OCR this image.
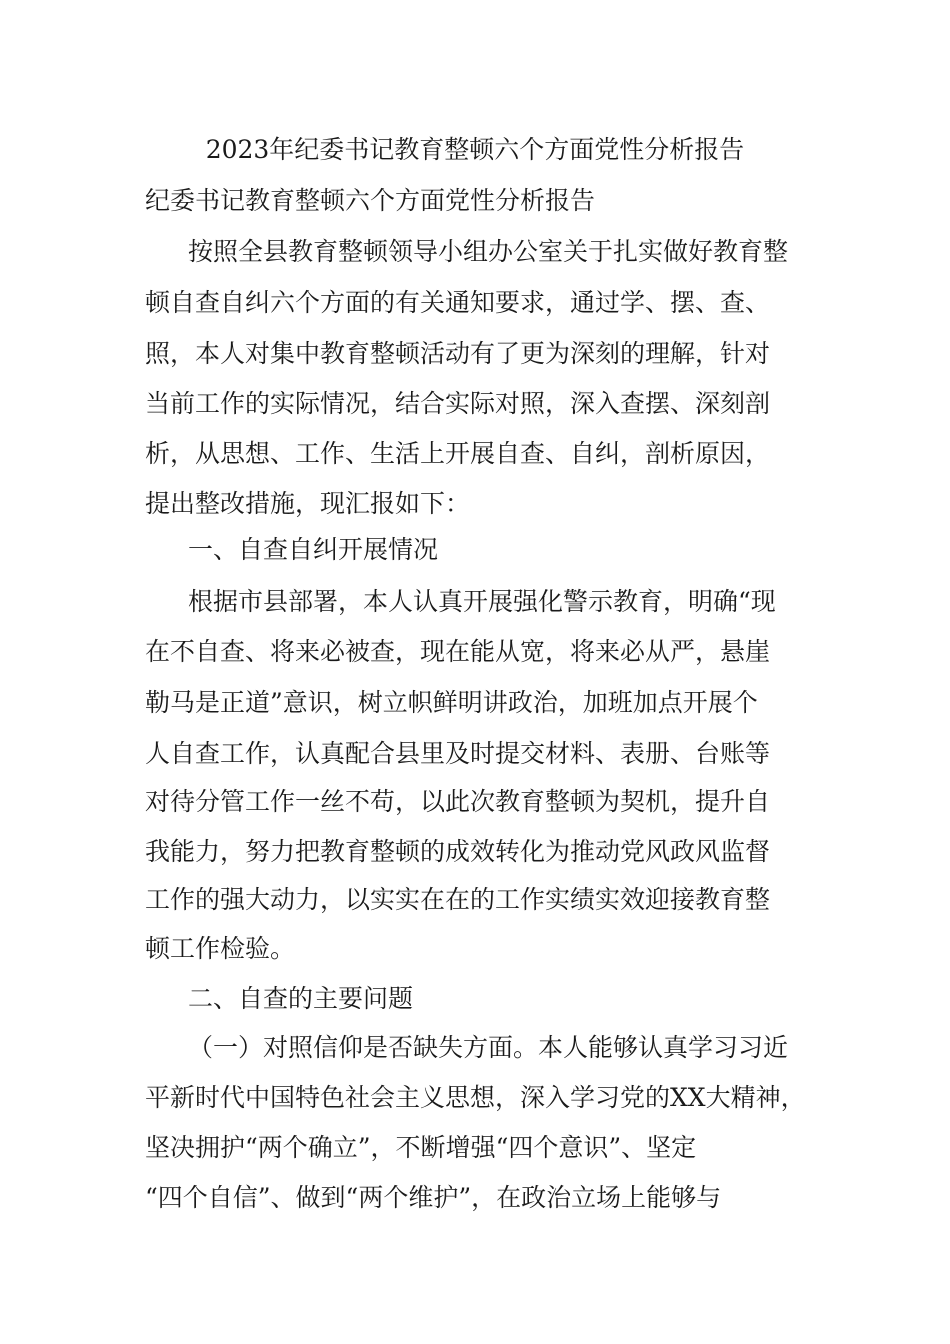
2023年纪委书记教育整顿六个方面党性分析报告
纪委书记教育整顿六个方面党性分析报告
按照全县教育整顿领导小组办公室关于扎实做好教育整
顿自查自纠六个方面的有关通知要求，通过学、摆、查、
照，本人对集中教育整顿活动有了更为深刻的理解，针对
当前工作的实际情况，结合实际对照，深入查摆、深刻剖
析，从思想、工作、生活上开展自查、自纠，剖析原因，
提出整改措施，现汇报如下：
一、自查自纠开展情况
根据市县部署，本人认真开展强化警示教育，明确“现
在不自查、将来必被查，现在能从宽，将来必从严，悬崖
勒马是正道”意识，树立帜鲜明讲政治，加班加点开展个
人自查工作，认真配合县里及时提交材料、表册、台账等
对待分管工作一丝不苟，以此次教育整顿为契机，提升自
我能力，努力把教育整顿的成效转化为推动党风政风监督
工作的强大动力，以实实在在的工作实绩实效迎接教育整
顿工作检验。
二、自查的主要问题
（一）对照信仰是否缺失方面。本人能够认真学习习近
平新时代中国特色社会主义思想，深入学习党的XX大精神，
坚决拥护“两个确立”，不断增强“四个意识”、坚定
“四个自信”、做到“两个维护”，在政治立场上能够与
